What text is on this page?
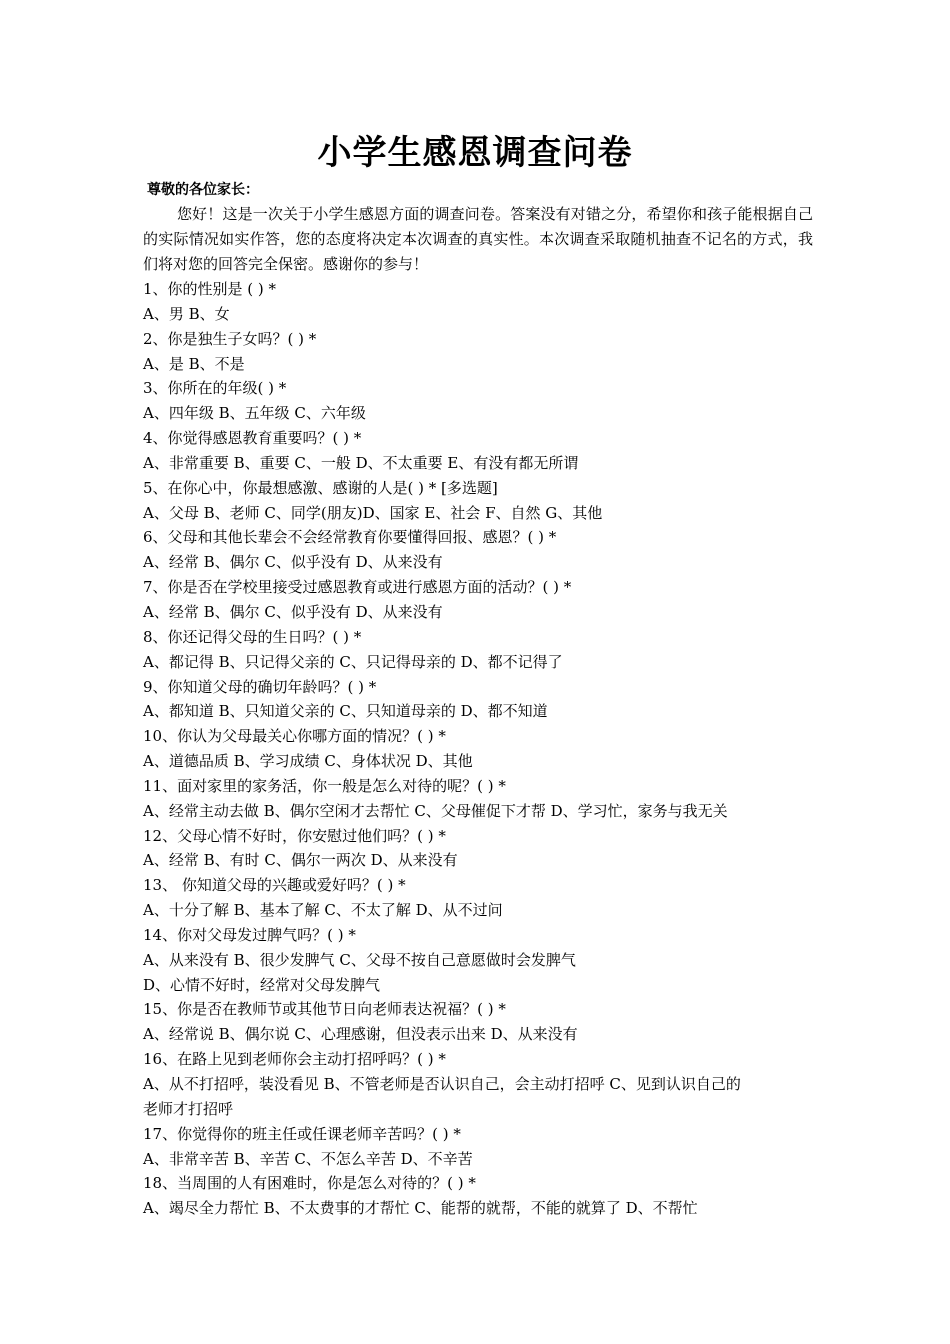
小学生感恩调查问卷
尊敬的各位家长：

您好！这是一次关于小学生感恩方面的调查问卷。答案没有对错之分，希望你和孩子能根据自己的实际情况如实作答，您的态度将决定本次调查的真实性。本次调查采取随机抽查不记名的方式，我们将对您的回答完全保密。感谢你的参与！

1、你的性别是 ( ) *
A、男 B、女
2、你是独生子女吗？( ) *
A、是 B、不是
3、你所在的年级( ) *
A、四年级 B、五年级 C、六年级
4、你觉得感恩教育重要吗？( ) *
A、非常重要 B、重要 C、一般 D、不太重要 E、有没有都无所谓
5、在你心中，你最想感激、感谢的人是( ) * [多选题]
A、父母 B、老师 C、同学(朋友)D、国家 E、社会 F、自然 G、其他
6、父母和其他长辈会不会经常教育你要懂得回报、感恩？( ) *
A、经常 B、偶尔 C、似乎没有 D、从来没有
7、你是否在学校里接受过感恩教育或进行感恩方面的活动？( ) *
A、经常 B、偶尔 C、似乎没有 D、从来没有
8、你还记得父母的生日吗？( ) *
A、都记得 B、只记得父亲的 C、只记得母亲的 D、都不记得了
9、你知道父母的确切年龄吗？( ) *
A、都知道 B、只知道父亲的 C、只知道母亲的 D、都不知道
10、你认为父母最关心你哪方面的情况？( ) *
A、道德品质 B、学习成绩 C、身体状况 D、其他
11、面对家里的家务活，你一般是怎么对待的呢？( ) *
A、经常主动去做 B、偶尔空闲才去帮忙 C、父母催促下才帮 D、学习忙，家务与我无关
12、父母心情不好时，你安慰过他们吗？( ) *
A、经常 B、有时 C、偶尔一两次 D、从来没有
13、 你知道父母的兴趣或爱好吗？( ) *
A、十分了解 B、基本了解 C、不太了解 D、从不过问
14、你对父母发过脾气吗？( ) *
A、从来没有 B、很少发脾气 C、父母不按自己意愿做时会发脾气
D、心情不好时，经常对父母发脾气
15、你是否在教师节或其他节日向老师表达祝福？( ) *
A、经常说 B、偶尔说 C、心理感谢，但没表示出来 D、从来没有
16、在路上见到老师你会主动打招呼吗？( ) *
A、从不打招呼，装没看见 B、不管老师是否认识自己，会主动打招呼 C、见到认识自己的
老师才打招呼
17、你觉得你的班主任或任课老师辛苦吗？( ) *
A、非常辛苦 B、辛苦 C、不怎么辛苦 D、不辛苦
18、当周围的人有困难时，你是怎么对待的？( ) *
A、竭尽全力帮忙 B、不太费事的才帮忙 C、能帮的就帮，不能的就算了 D、不帮忙
